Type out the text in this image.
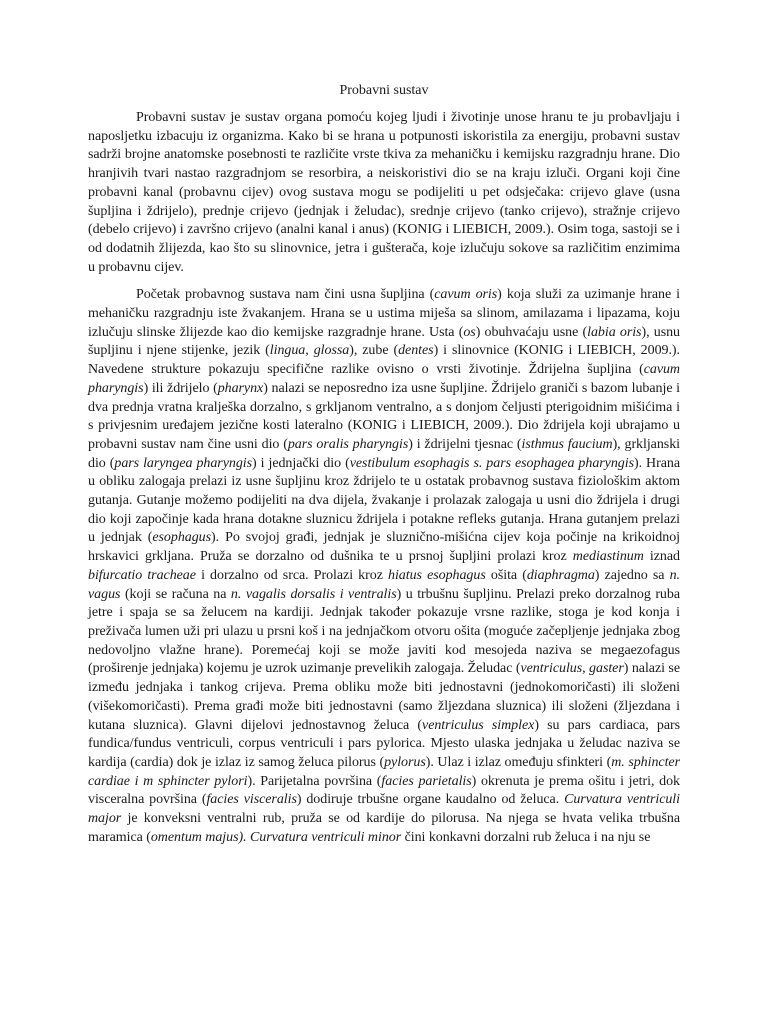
Probavni sustav

Probavni sustav je sustav organa pomoću kojeg ljudi i životinje unose hranu te ju probavljaju i naposljetku izbacuju iz organizma. Kako bi se hrana u potpunosti iskoristila za energiju, probavni sustav sadrži brojne anatomske posebnosti te različite vrste tkiva za mehaničku i kemijsku razgradnju hrane. Dio hranjivih tvari nastao razgradnjom se resorbira, a neiskoristivi dio se na kraju izluči. Organi koji čine probavni kanal (probavnu cijev) ovog sustava mogu se podijeliti u pet odsječaka: crijevo glave (usna šupljina i ždrijelo), prednje crijevo (jednjak i želudac), srednje crijevo (tanko crijevo), stražnje crijevo (debelo crijevo) i završno crijevo (analni kanal i anus) (KONIG i LIEBICH, 2009.). Osim toga, sastoji se i od dodatnih žlijezda, kao što su slinovnice, jetra i gušterača, koje izlučuju sokove sa različitim enzimima u probavnu cijev.

Početak probavnog sustava nam čini usna šupljina (cavum oris) koja služi za uzimanje hrane i mehaničku razgradnju iste žvakanjem. Hrana se u ustima miješa sa slinom, amilazama i lipazama, koju izlučuju slinske žlijezde kao dio kemijske razgradnje hrane. Usta (os) obuhvaćaju usne (labia oris), usnu šupljinu i njene stijenke, jezik (lingua, glossa), zube (dentes) i slinovnice (KONIG i LIEBICH, 2009.). Navedene strukture pokazuju specifične razlike ovisno o vrsti životinje. Ždrijelna šupljina (cavum pharyngis) ili ždrijelo (pharynx) nalazi se neposredno iza usne šupljine. Ždrijelo graniči s bazom lubanje i dva prednja vratna kralješka dorzalno, s grkljanom ventralno, a s donjom čeljusti pterigoidnim mišićima i s privjesnim uređajem jezične kosti lateralno (KONIG i LIEBICH, 2009.). Dio ždrijela koji ubrajamo u probavni sustav nam čine usni dio (pars oralis pharyngis) i ždrijelni tjesnac (isthmus faucium), grkljanski dio (pars laryngea pharyngis) i jednjački dio (vestibulum esophagis s. pars esophagea pharyngis). Hrana u obliku zalogaja prelazi iz usne šupljinu kroz ždrijelo te u ostatak probavnog sustava fiziološkim aktom gutanja. Gutanje možemo podijeliti na dva dijela, žvakanje i prolazak zalogaja u usni dio ždrijela i drugi dio koji započinje kada hrana dotakne sluznicu ždrijela i potakne refleks gutanja. Hrana gutanjem prelazi u jednjak (esophagus). Po svojoj građi, jednjak je sluznično-mišićna cijev koja počinje na krikoidnoj hrskavici grkljana. Pruža se dorzalno od dušnika te u prsnoj šupljini prolazi kroz mediastinum iznad bifurcatio tracheae i dorzalno od srca. Prolazi kroz hiatus esophagus ošita (diaphragma) zajedno sa n. vagus (koji se računa na n. vagalis dorsalis i ventralis) u trbušnu šupljinu. Prelazi preko dorzalnog ruba jetre i spaja se sa želucem na kardiji. Jednjak također pokazuje vrsne razlike, stoga je kod konja i preživača lumen uži pri ulazu u prsni koš i na jednjačkom otvoru ošita (moguće začepljenje jednjaka zbog nedovoljno vlažne hrane). Poremećaj koji se može javiti kod mesojeda naziva se megaezofagus (proširenje jednjaka) kojemu je uzrok uzimanje prevelikih zalogaja. Želudac (ventriculus, gaster) nalazi se između jednjaka i tankog crijeva. Prema obliku može biti jednostavni (jednokomoričasti) ili složeni (višekomoričasti). Prema građi može biti jednostavni (samo žljezdana sluznica) ili složeni (žljezdana i kutana sluznica). Glavni dijelovi jednostavnog želuca (ventriculus simplex) su pars cardiaca, pars fundica/fundus ventriculi, corpus ventriculi i pars pylorica. Mjesto ulaska jednjaka u želudac naziva se kardija (cardia) dok je izlaz iz samog želuca pilorus (pylorus). Ulaz i izlaz omeđuju sfinkteri (m. sphincter cardiae i m sphincter pylori). Parijetalna površina (facies parietalis) okrenuta je prema ošitu i jetri, dok visceralna površina (facies visceralis) dodiruje trbušne organe kaudalno od želuca. Curvatura ventriculi major je konveksni ventralni rub, pruža se od kardije do pilorusa. Na njega se hvata velika trbušna maramica (omentum majus). Curvatura ventriculi minor čini konkavni dorzalni rub želuca i na nju se
